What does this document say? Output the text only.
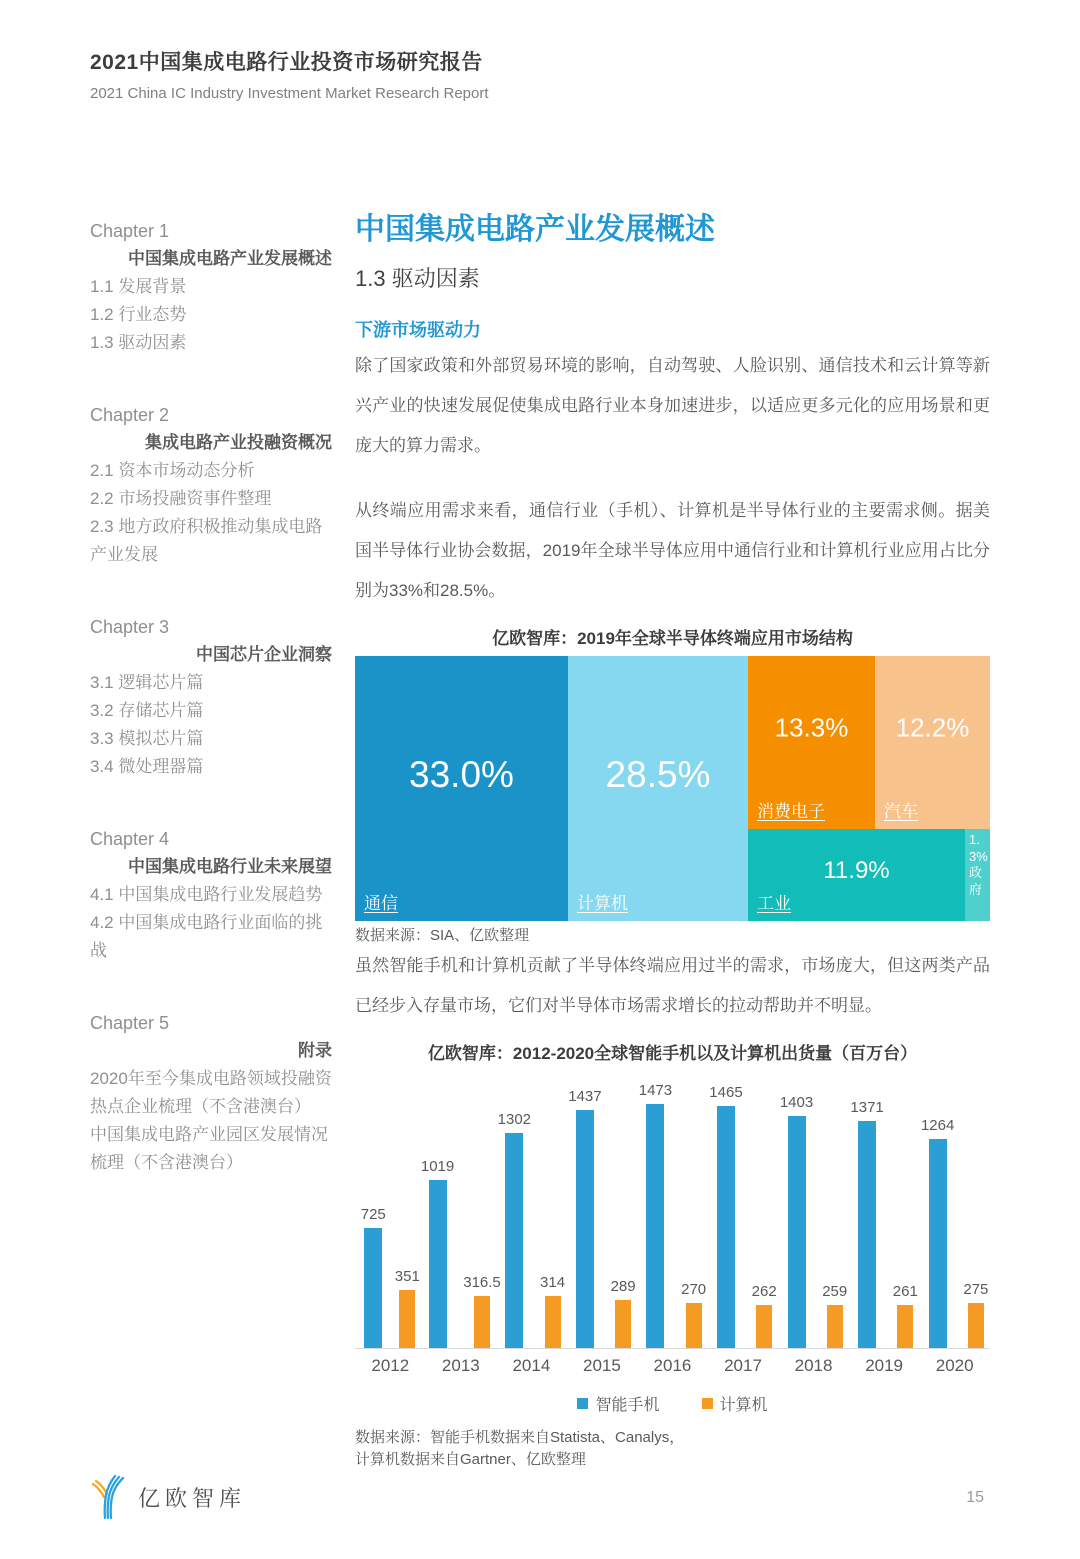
2021中国集成电路行业投资市场研究报告
2021 China IC Industry Investment Market Research Report
Chapter 1
中国集成电路产业发展概述
1.1 发展背景
1.2 行业态势
1.3 驱动因素
Chapter 2
集成电路产业投融资概况
2.1 资本市场动态分析
2.2 市场投融资事件整理
2.3 地方政府积极推动集成电路产业发展
Chapter 3
中国芯片企业洞察
3.1 逻辑芯片篇
3.2 存储芯片篇
3.3 模拟芯片篇
3.4 微处理器篇
Chapter 4
中国集成电路行业未来展望
4.1 中国集成电路行业发展趋势
4.2 中国集成电路行业面临的挑战
Chapter 5
附录
2020年至今集成电路领域投融资热点企业梳理（不含港澳台）
中国集成电路产业园区发展情况梳理（不含港澳台）
中国集成电路产业发展概述
1.3 驱动因素
下游市场驱动力

除了国家政策和外部贸易环境的影响，自动驾驶、人脸识别、通信技术和云计算等新兴产业的快速发展促使集成电路行业本身加速进步，以适应更多元化的应用场景和更庞大的算力需求。

从终端应用需求来看，通信行业（手机）、计算机是半导体行业的主要需求侧。据美国半导体行业协会数据，2019年全球半导体应用中通信行业和计算机行业应用占比分别为33%和28.5%。

亿欧智库：2019年全球半导体终端应用市场结构
33.0%
通信
28.5%
计算机
13.3%
消费电子
12.2%
汽车
11.9%
工业
1.3%政府
数据来源：SIA、亿欧整理

虽然智能手机和计算机贡献了半导体终端应用过半的需求，市场庞大，但这两类产品已经步入存量市场，它们对半导体市场需求增长的拉动帮助并不明显。

亿欧智库：2012-2020全球智能手机以及计算机出货量（百万台）
725
351
1019
316.5
1302
314
1437
289
1473
270
1465
262
1403
259
1371
261
1264
275
2012	2013	2014	2015	2016	2017	2018	2019	2020
智能手机	计算机
数据来源：智能手机数据来自Statista、Canalys，
计算机数据来自Gartner、亿欧整理
亿欧智库	15
